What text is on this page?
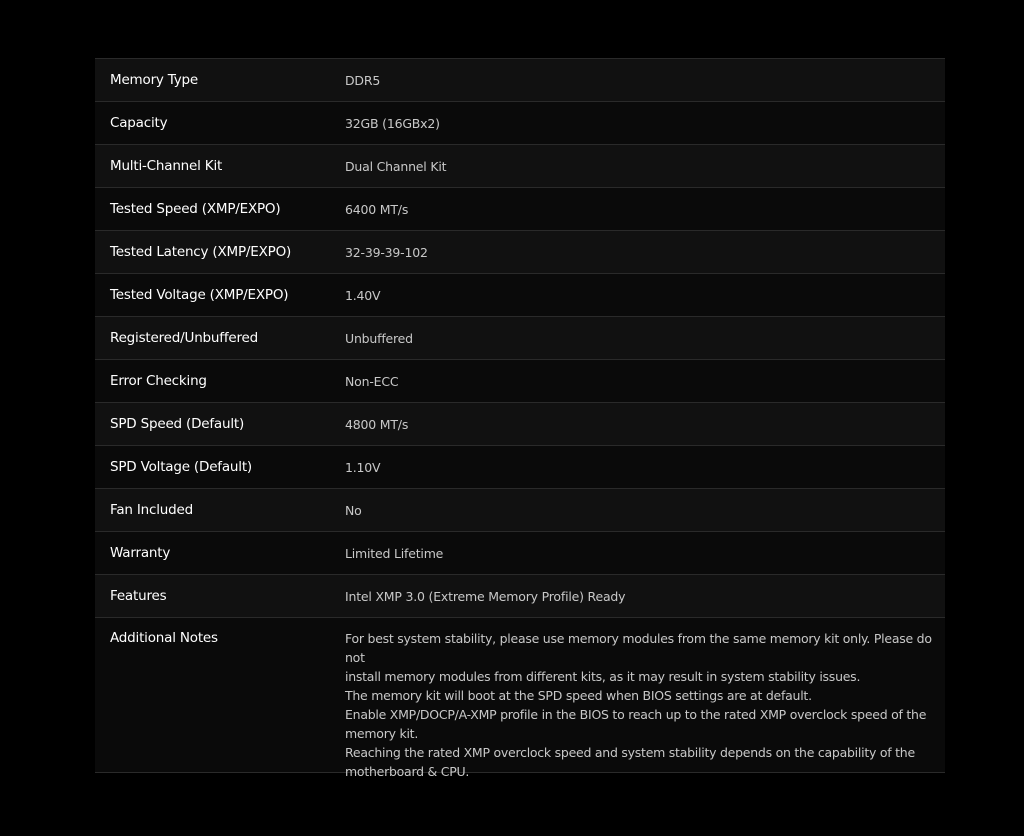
Memory Type	DDR5
Capacity	32GB (16GBx2)
Multi-Channel Kit	Dual Channel Kit
Tested Speed (XMP/EXPO)	6400 MT/s
Tested Latency (XMP/EXPO)	32-39-39-102
Tested Voltage (XMP/EXPO)	1.40V
Registered/Unbuffered	Unbuffered
Error Checking	Non-ECC
SPD Speed (Default)	4800 MT/s
SPD Voltage (Default)	1.10V
Fan Included	No
Warranty	Limited Lifetime
Features	Intel XMP 3.0 (Extreme Memory Profile) Ready
Additional Notes	For best system stability, please use memory modules from the same memory kit only. Please do not
install memory modules from different kits, as it may result in system stability issues.
The memory kit will boot at the SPD speed when BIOS settings are at default.
Enable XMP/DOCP/A-XMP profile in the BIOS to reach up to the rated XMP overclock speed of the
memory kit.
Reaching the rated XMP overclock speed and system stability depends on the capability of the
motherboard & CPU.
